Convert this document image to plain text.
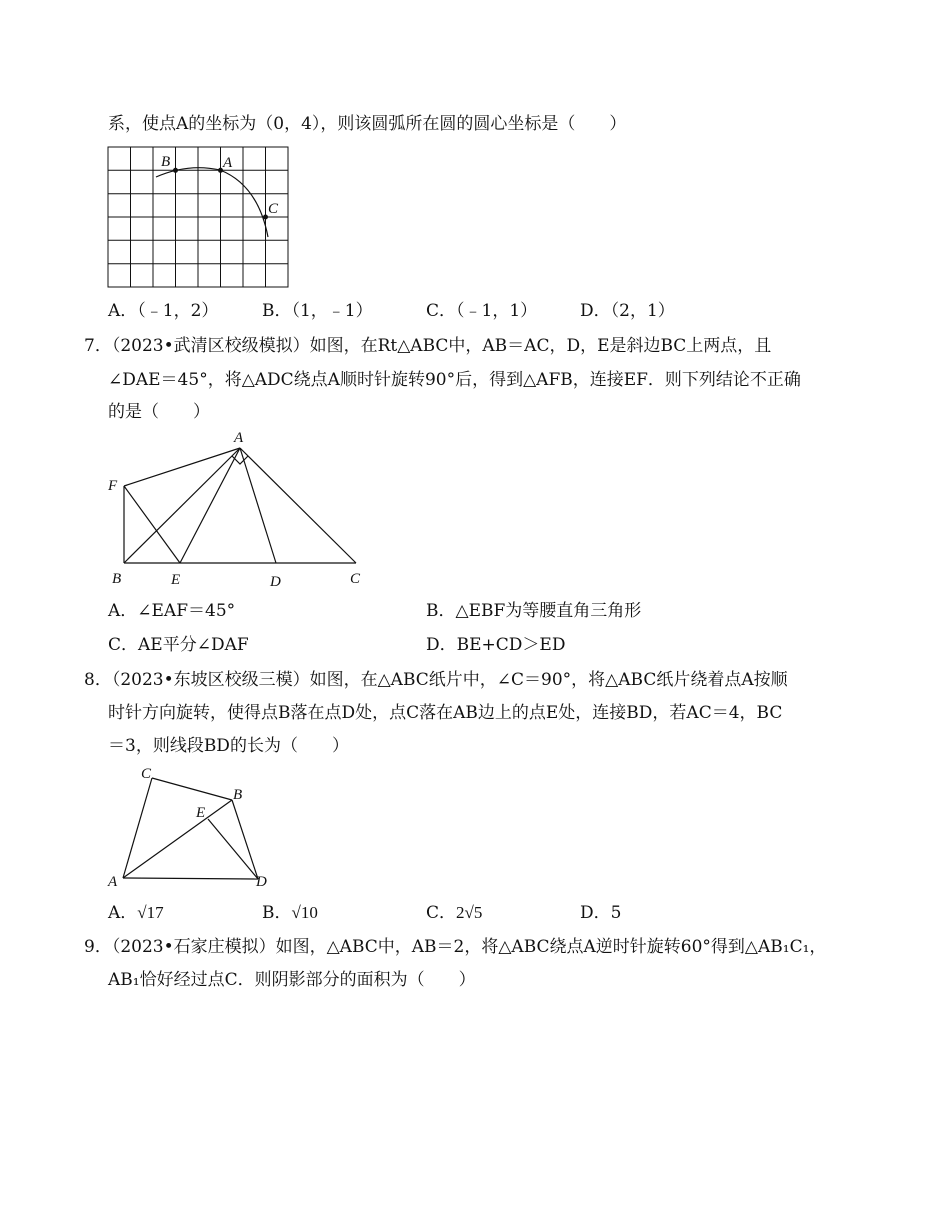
系，使点A的坐标为（0，4），则该圆弧所在圆的圆心坐标是（　　）
B	A
C
A．（﹣1，2）	B．（1，﹣1）	C．（﹣1，1）	D．（2，1）
7．（2023•武清区校级模拟）如图，在Rt△ABC中，AB＝AC，D，E是斜边BC上两点，且
∠DAE＝45°，将△ADC绕点A顺时针旋转90°后，得到△AFB，连接EF．则下列结论不正确
的是（　　）
A
F
B	E	D	C
A．∠EAF＝45°	B．△EBF为等腰直角三角形
C．AE平分∠DAF	D．BE+CD＞ED
8．（2023•东坡区校级三模）如图，在△ABC纸片中，∠C＝90°，将△ABC纸片绕着点A按顺
时针方向旋转，使得点B落在点D处，点C落在AB边上的点E处，连接BD，若AC＝4，BC
＝3，则线段BD的长为（　　）
C
B
E
A	D
A．√17	B．√10	C．2√5	D．5
9．（2023•石家庄模拟）如图，△ABC中，AB＝2，将△ABC绕点A逆时针旋转60°得到△AB₁C₁，
AB₁恰好经过点C．则阴影部分的面积为（　　）
